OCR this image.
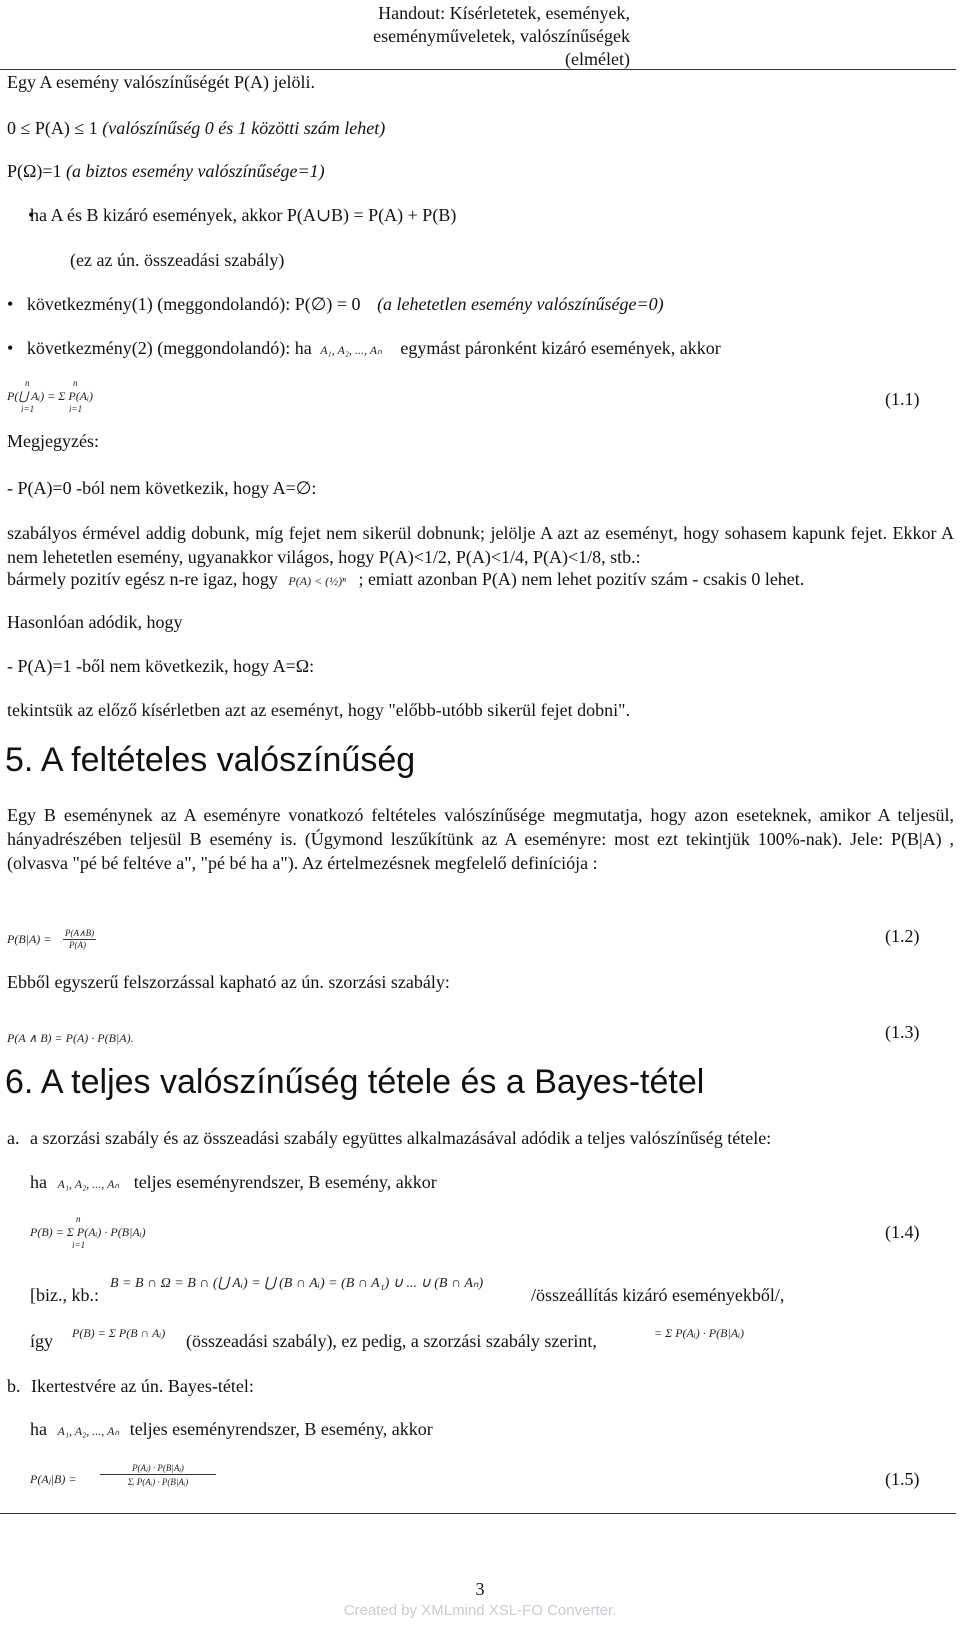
Handout: Kísérletetek, események,
eseményműveletek, valószínűségek
(elmélet)
Egy A esemény valószínűségét P(A) jelöli.
0 ≤ P(A) ≤ 1 (valószínűség 0 és 1 közötti szám lehet)
P(Ω)=1 (a biztos esemény valószínűsége=1)
• ha A és B kizáró események, akkor P(A∪B) = P(A) + P(B)
(ez az ún. összeadási szabály)
•   következmény(1) (meggondolandó): P(∅) = 0 (a lehetetlen esemény valószínűsége=0)
•   következmény(2) (meggondolandó): ha A₁, A₂, ..., Aₙ egymást páronként kizáró események, akkor
n	n
P(⋃ Aᵢ) = Σ P(Aᵢ)
i=1	i=1	(1.1)
Megjegyzés:
- P(A)=0 -ból nem következik, hogy A=∅:
szabályos érmével addig dobunk, míg fejet nem sikerül dobnunk; jelölje A azt az eseményt, hogy sohasem kapunk fejet. Ekkor A nem lehetetlen esemény, ugyanakkor világos, hogy P(A)<1/2, P(A)<1/4, P(A)<1/8, stb.:
bármely pozitív egész n-re igaz, hogy P(A) < (½)ⁿ ; emiatt azonban P(A) nem lehet pozitív szám - csakis 0 lehet.
Hasonlóan adódik, hogy
- P(A)=1 -ből nem következik, hogy A=Ω:
tekintsük az előző kísérletben azt az eseményt, hogy "előbb-utóbb sikerül fejet dobni".
5. A feltételes valószínűség
Egy B eseménynek az A eseményre vonatkozó feltételes valószínűsége megmutatja, hogy azon eseteknek, amikor A teljesül, hányadrészében teljesül B esemény is. (Úgymond leszűkítünk az A eseményre: most ezt tekintjük 100%-nak). Jele: P(B|A) , (olvasva "pé bé feltéve a", "pé bé ha a"). Az értelmezésnek megfelelő definíciója :
P(B|A) = P(A∧B)
P(A)	(1.2)
Ebből egyszerű felszorzással kapható az ún. szorzási szabály:
P(A ∧ B) = P(A) · P(B|A).	(1.3)
6. A teljes valószínűség tétele és a Bayes-tétel
a. a szorzási szabály és az összeadási szabály együttes alkalmazásával adódik a teljes valószínűség tétele:
ha A₁, A₂, ..., Aₙ teljes eseményrendszer, B esemény, akkor
n
P(B) = Σ P(Aᵢ) · P(B|Aᵢ)
i=1
(1.4)
[biz., kb.:
B = B ∩ Ω = B ∩ (⋃ Aᵢ) = ⋃ (B ∩ Aᵢ) = (B ∩ A₁) ∪ ... ∪ (B ∩ Aₙ)
/összeállítás kizáró eseményekből/,
így P(B) = Σ P(B ∩ Aᵢ) (összeadási szabály), ez pedig, a szorzási szabály szerint,	= Σ P(Aᵢ) · P(B|Aᵢ)
b. Ikertestvére az ún. Bayes-tétel:
ha A₁, A₂, ..., Aₙ teljes eseményrendszer, B esemény, akkor
P(Aⱼ|B) =
P(Aⱼ) · P(B|Aⱼ)
Σᵢ P(Aᵢ) · P(B|Aᵢ)	(1.5)
3
Created by XMLmind XSL-FO Converter.
